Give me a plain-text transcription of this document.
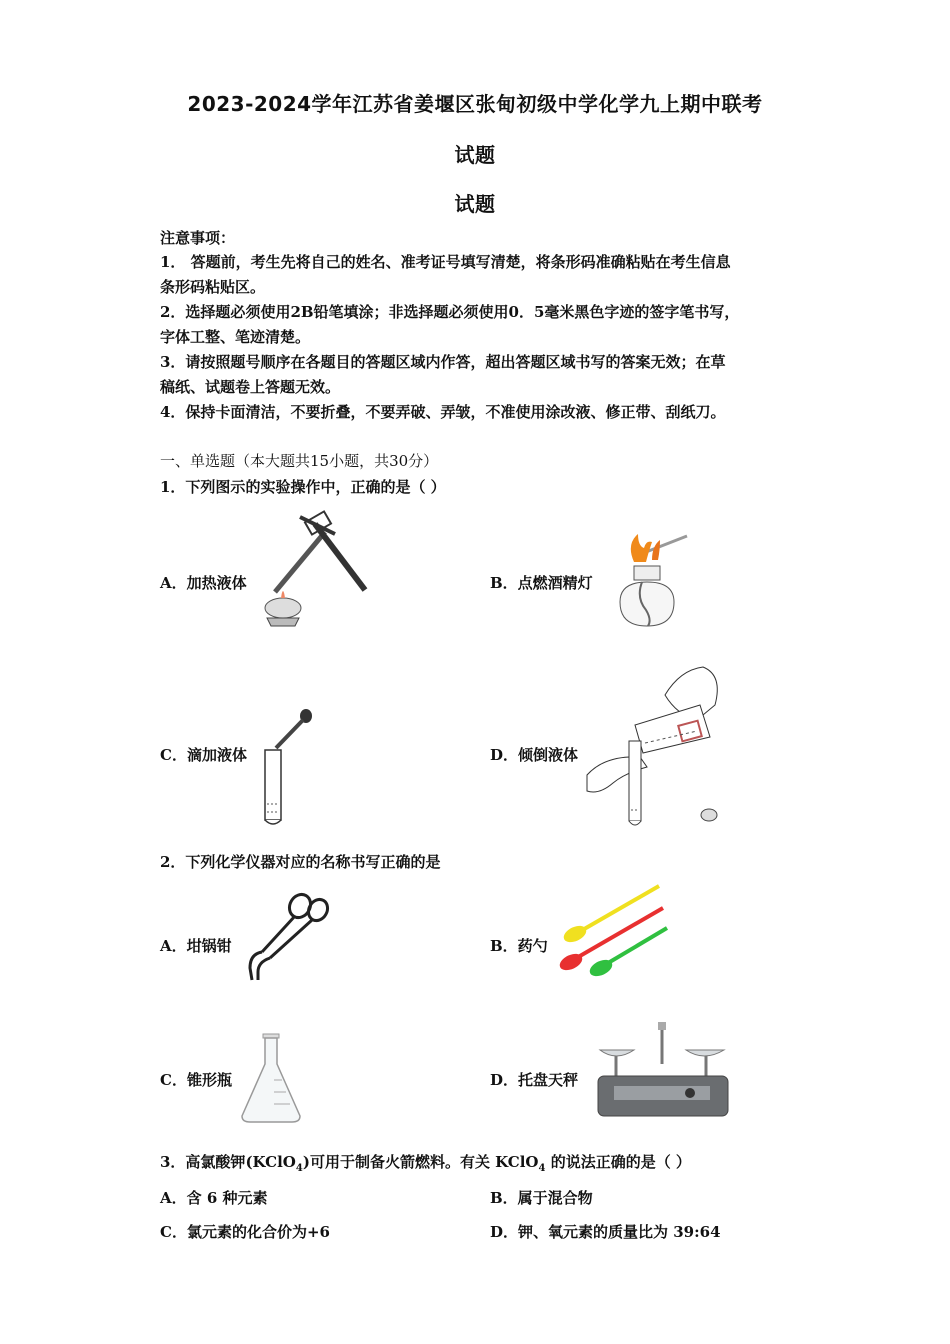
2023-2024学年江苏省姜堰区张甸初级中学化学九上期中联考
试题
试题
注意事项：
1． 答题前，考生先将自己的姓名、准考证号填写清楚，将条形码准确粘贴在考生信息
条形码粘贴区。
2．选择题必须使用2B铅笔填涂；非选择题必须使用0．5毫米黑色字迹的签字笔书写，
字体工整、笔迹清楚。
3．请按照题号顺序在各题目的答题区域内作答，超出答题区域书写的答案无效；在草
稿纸、试题卷上答题无效。
4．保持卡面清洁，不要折叠，不要弄破、弄皱，不准使用涂改液、修正带、刮纸刀。
一、单选题（本大题共15小题，共30分）
1．下列图示的实验操作中，正确的是（ ）
A．加热液体	B．点燃酒精灯
C．滴加液体	D．倾倒液体
2．下列化学仪器对应的名称书写正确的是
A．坩锅钳	B．药勺
C．锥形瓶	D．托盘天秤
3．高氯酸钾(KClO$_4$)可用于制备火箭燃料。有关 KClO$_4$ 的说法正确的是（ ）
A．含 6 种元素	B．属于混合物
C．氯元素的化合价为+6	D．钾、氧元素的质量比为 39:64
